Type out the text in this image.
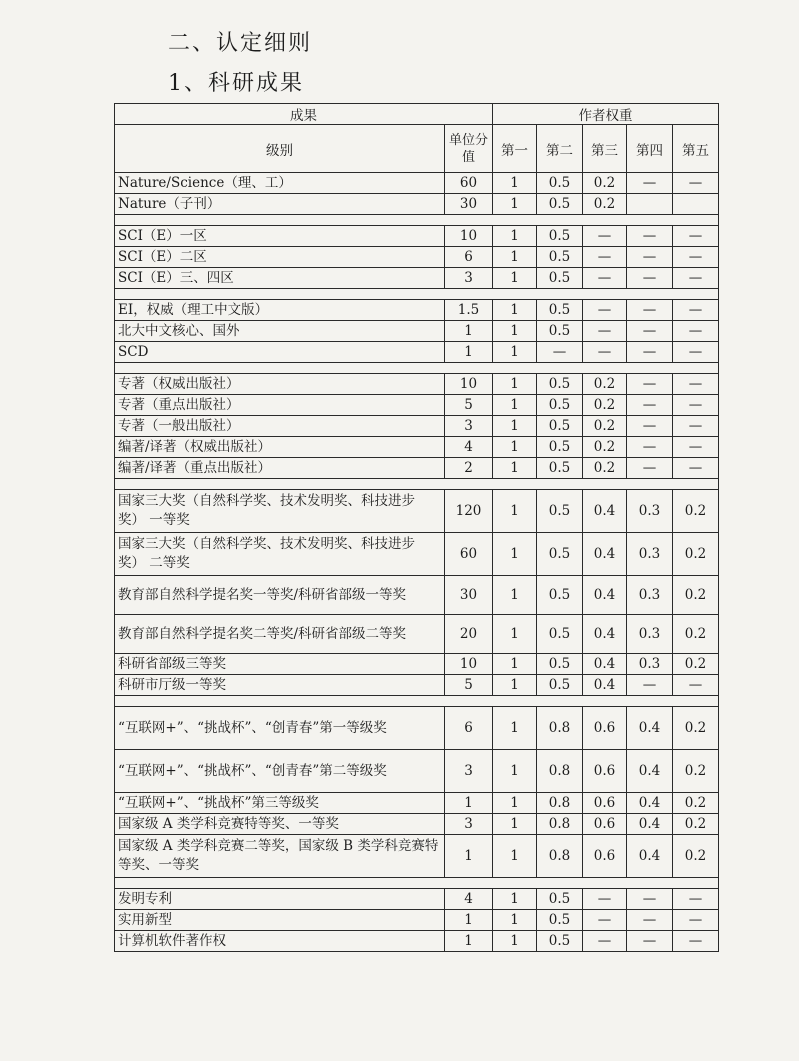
二、认定细则
1、科研成果
成果		作者权重				
级别	单位分值	第一	第二	第三	第四	第五
Nature/Science（理、工）	60	1	0.5	0.2	—	—
Nature（子刊）	30	1	0.5	0.2		

SCI（E）一区	10	1	0.5	—	—	—
SCI（E）二区	6	1	0.5	—	—	—
SCI（E）三、四区	3	1	0.5	—	—	—

EI，权威（理工中文版）	1.5	1	0.5	—	—	—
北大中文核心、国外	1	1	0.5	—	—	—
SCD	1	1	—	—	—	—

专著（权威出版社）	10	1	0.5	0.2	—	—
专著（重点出版社）	5	1	0.5	0.2	—	—
专著（一般出版社）	3	1	0.5	0.2	—	—
编著/译著（权威出版社）	4	1	0.5	0.2	—	—
编著/译著（重点出版社）	2	1	0.5	0.2	—	—

国家三大奖（自然科学奖、技术发明奖、科技进步奖） 一等奖	120	1	0.5	0.4	0.3	0.2
国家三大奖（自然科学奖、技术发明奖、科技进步奖） 二等奖	60	1	0.5	0.4	0.3	0.2
教育部自然科学提名奖一等奖/科研省部级一等奖	30	1	0.5	0.4	0.3	0.2
教育部自然科学提名奖二等奖/科研省部级二等奖	20	1	0.5	0.4	0.3	0.2
科研省部级三等奖	10	1	0.5	0.4	0.3	0.2
科研市厅级一等奖	5	1	0.5	0.4	—	—

“互联网+”、“挑战杯”、“创青春”第一等级奖	6	1	0.8	0.6	0.4	0.2
“互联网+”、“挑战杯”、“创青春”第二等级奖	3	1	0.8	0.6	0.4	0.2
“互联网+”、“挑战杯”第三等级奖	1	1	0.8	0.6	0.4	0.2
国家级 A 类学科竞赛特等奖、一等奖	3	1	0.8	0.6	0.4	0.2
国家级 A 类学科竞赛二等奖，国家级 B 类学科竞赛特等奖、一等奖	1	1	0.8	0.6	0.4	0.2

发明专利	4	1	0.5	—	—	—
实用新型	1	1	0.5	—	—	—
计算机软件著作权	1	1	0.5	—	—	—
